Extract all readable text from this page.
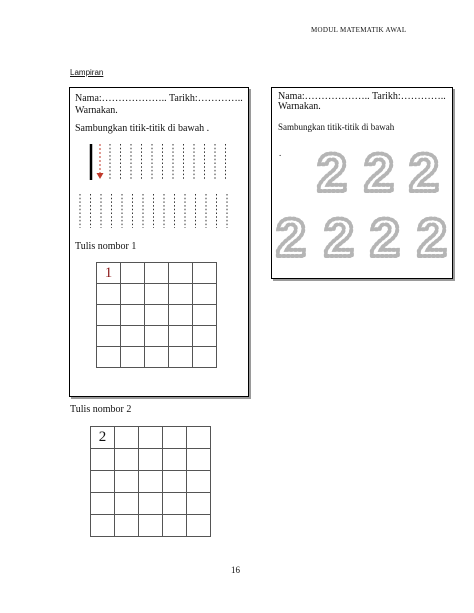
MODUL MATEMATIK AWAL
Lampiran
Nama:……………….. Tarikh:…………..
Warnakan.
Sambungkan titik-titik di bawah .
Tulis nombor 1
1				

Nama:……………….. Tarikh:…………..
Warnakan.
Sambungkan titik-titik di bawah
. 2 2 2
2 2 2 2
Tulis nombor 2
2				

16
